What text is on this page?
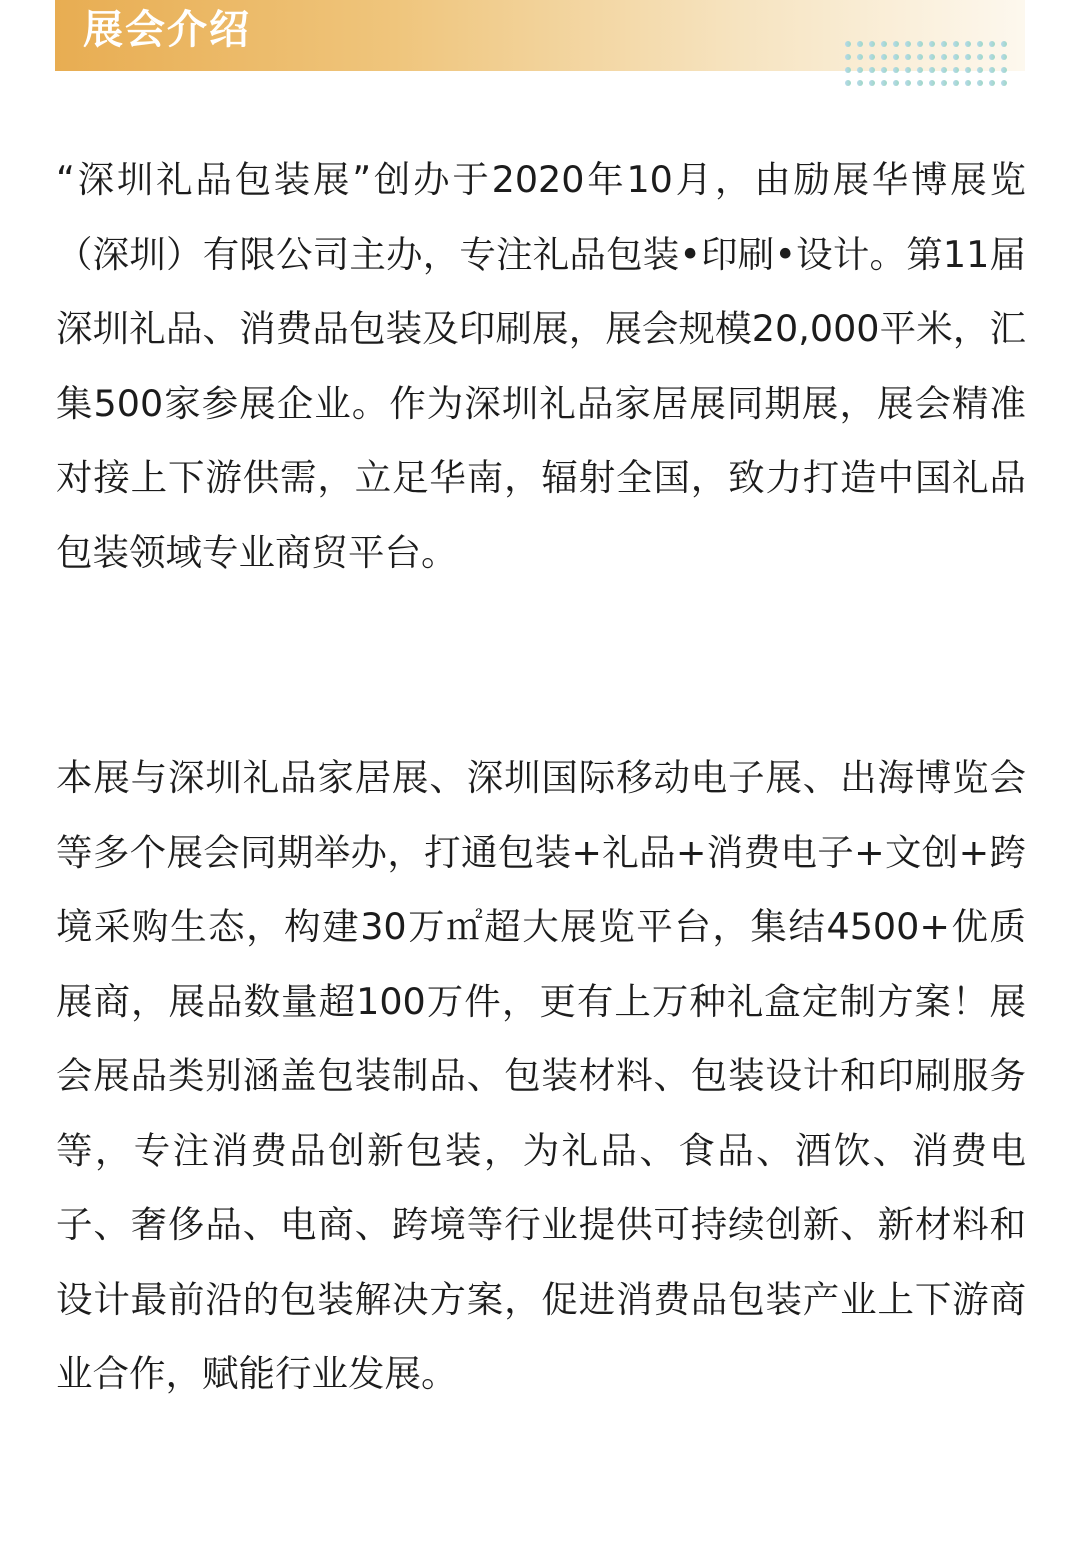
展会介绍

“深圳礼品包装展”创办于2020年10月，由励展华博展览（深圳）有限公司主办，专注礼品包装•印刷•设计。第11届深圳礼品、消费品包装及印刷展，展会规模20,000平米，汇集500家参展企业。作为深圳礼品家居展同期展，展会精准对接上下游供需，立足华南，辐射全国，致力打造中国礼品包装领域专业商贸平台。

本展与深圳礼品家居展、深圳国际移动电子展、出海博览会等多个展会同期举办，打通包装+礼品+消费电子+文创+跨境采购生态，构建30万㎡超大展览平台，集结4500+优质展商，展品数量超100万件，更有上万种礼盒定制方案！展会展品类别涵盖包装制品、包装材料、包装设计和印刷服务等，专注消费品创新包装，为礼品、食品、酒饮、消费电子、奢侈品、电商、跨境等行业提供可持续创新、新材料和设计最前沿的包装解决方案，促进消费品包装产业上下游商业合作，赋能行业发展。
